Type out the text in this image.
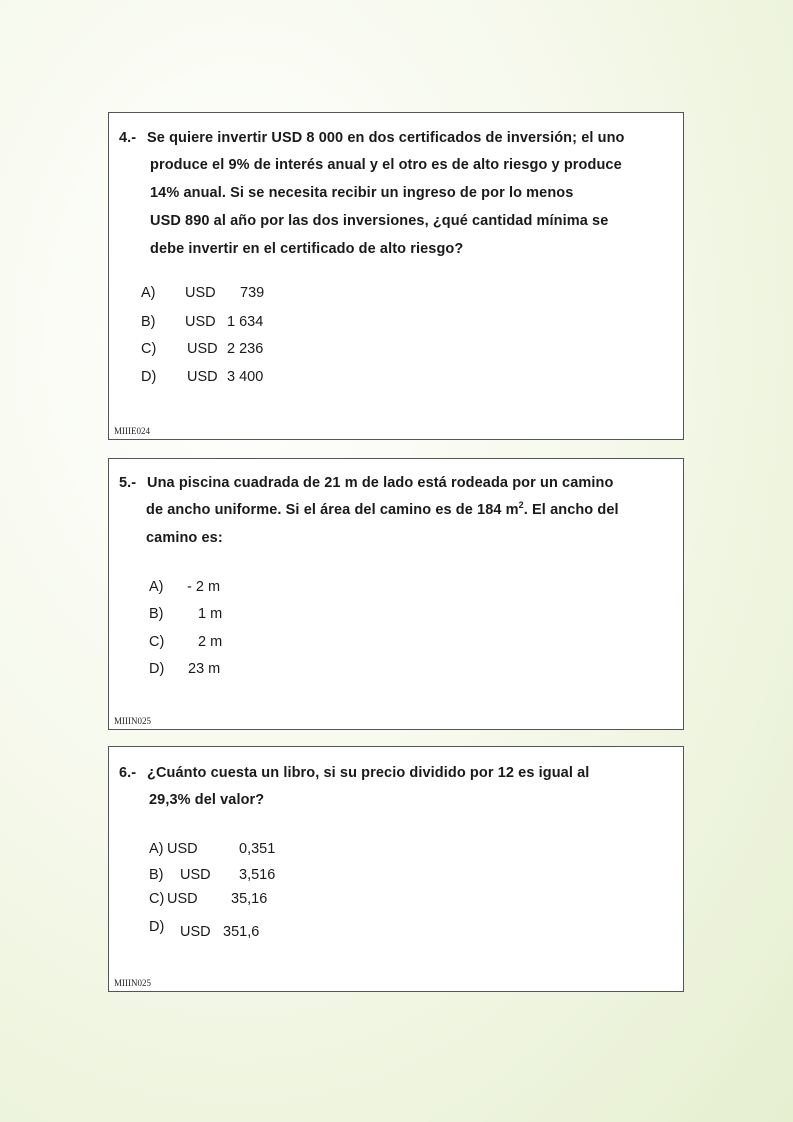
4.- Se quiere invertir USD 8 000 en dos certificados de inversión; el uno
produce el 9% de interés anual y el otro es de alto riesgo y produce
14% anual. Si se necesita recibir un ingreso de por lo menos
USD 890 al año por las dos inversiones, ¿qué cantidad mínima se
debe invertir en el certificado de alto riesgo?
A) USD 739
B) USD 1 634
C) USD 2 236
D) USD 3 400
MIIIE024
5.- Una piscina cuadrada de 21 m de lado está rodeada por un camino
de ancho uniforme. Si el área del camino es de 184 $m^2$. El ancho del
camino es:
A) - 2 m
B) 1 m
C) 2 m
D) 23 m
MIIIN025
6.- ¿Cuánto cuesta un libro, si su precio dividido por 12 es igual al
29,3% del valor?
A) USD	0,351
B) USD 3,516
C) USD 35,16
D) USD 351,6
MIIIN025
